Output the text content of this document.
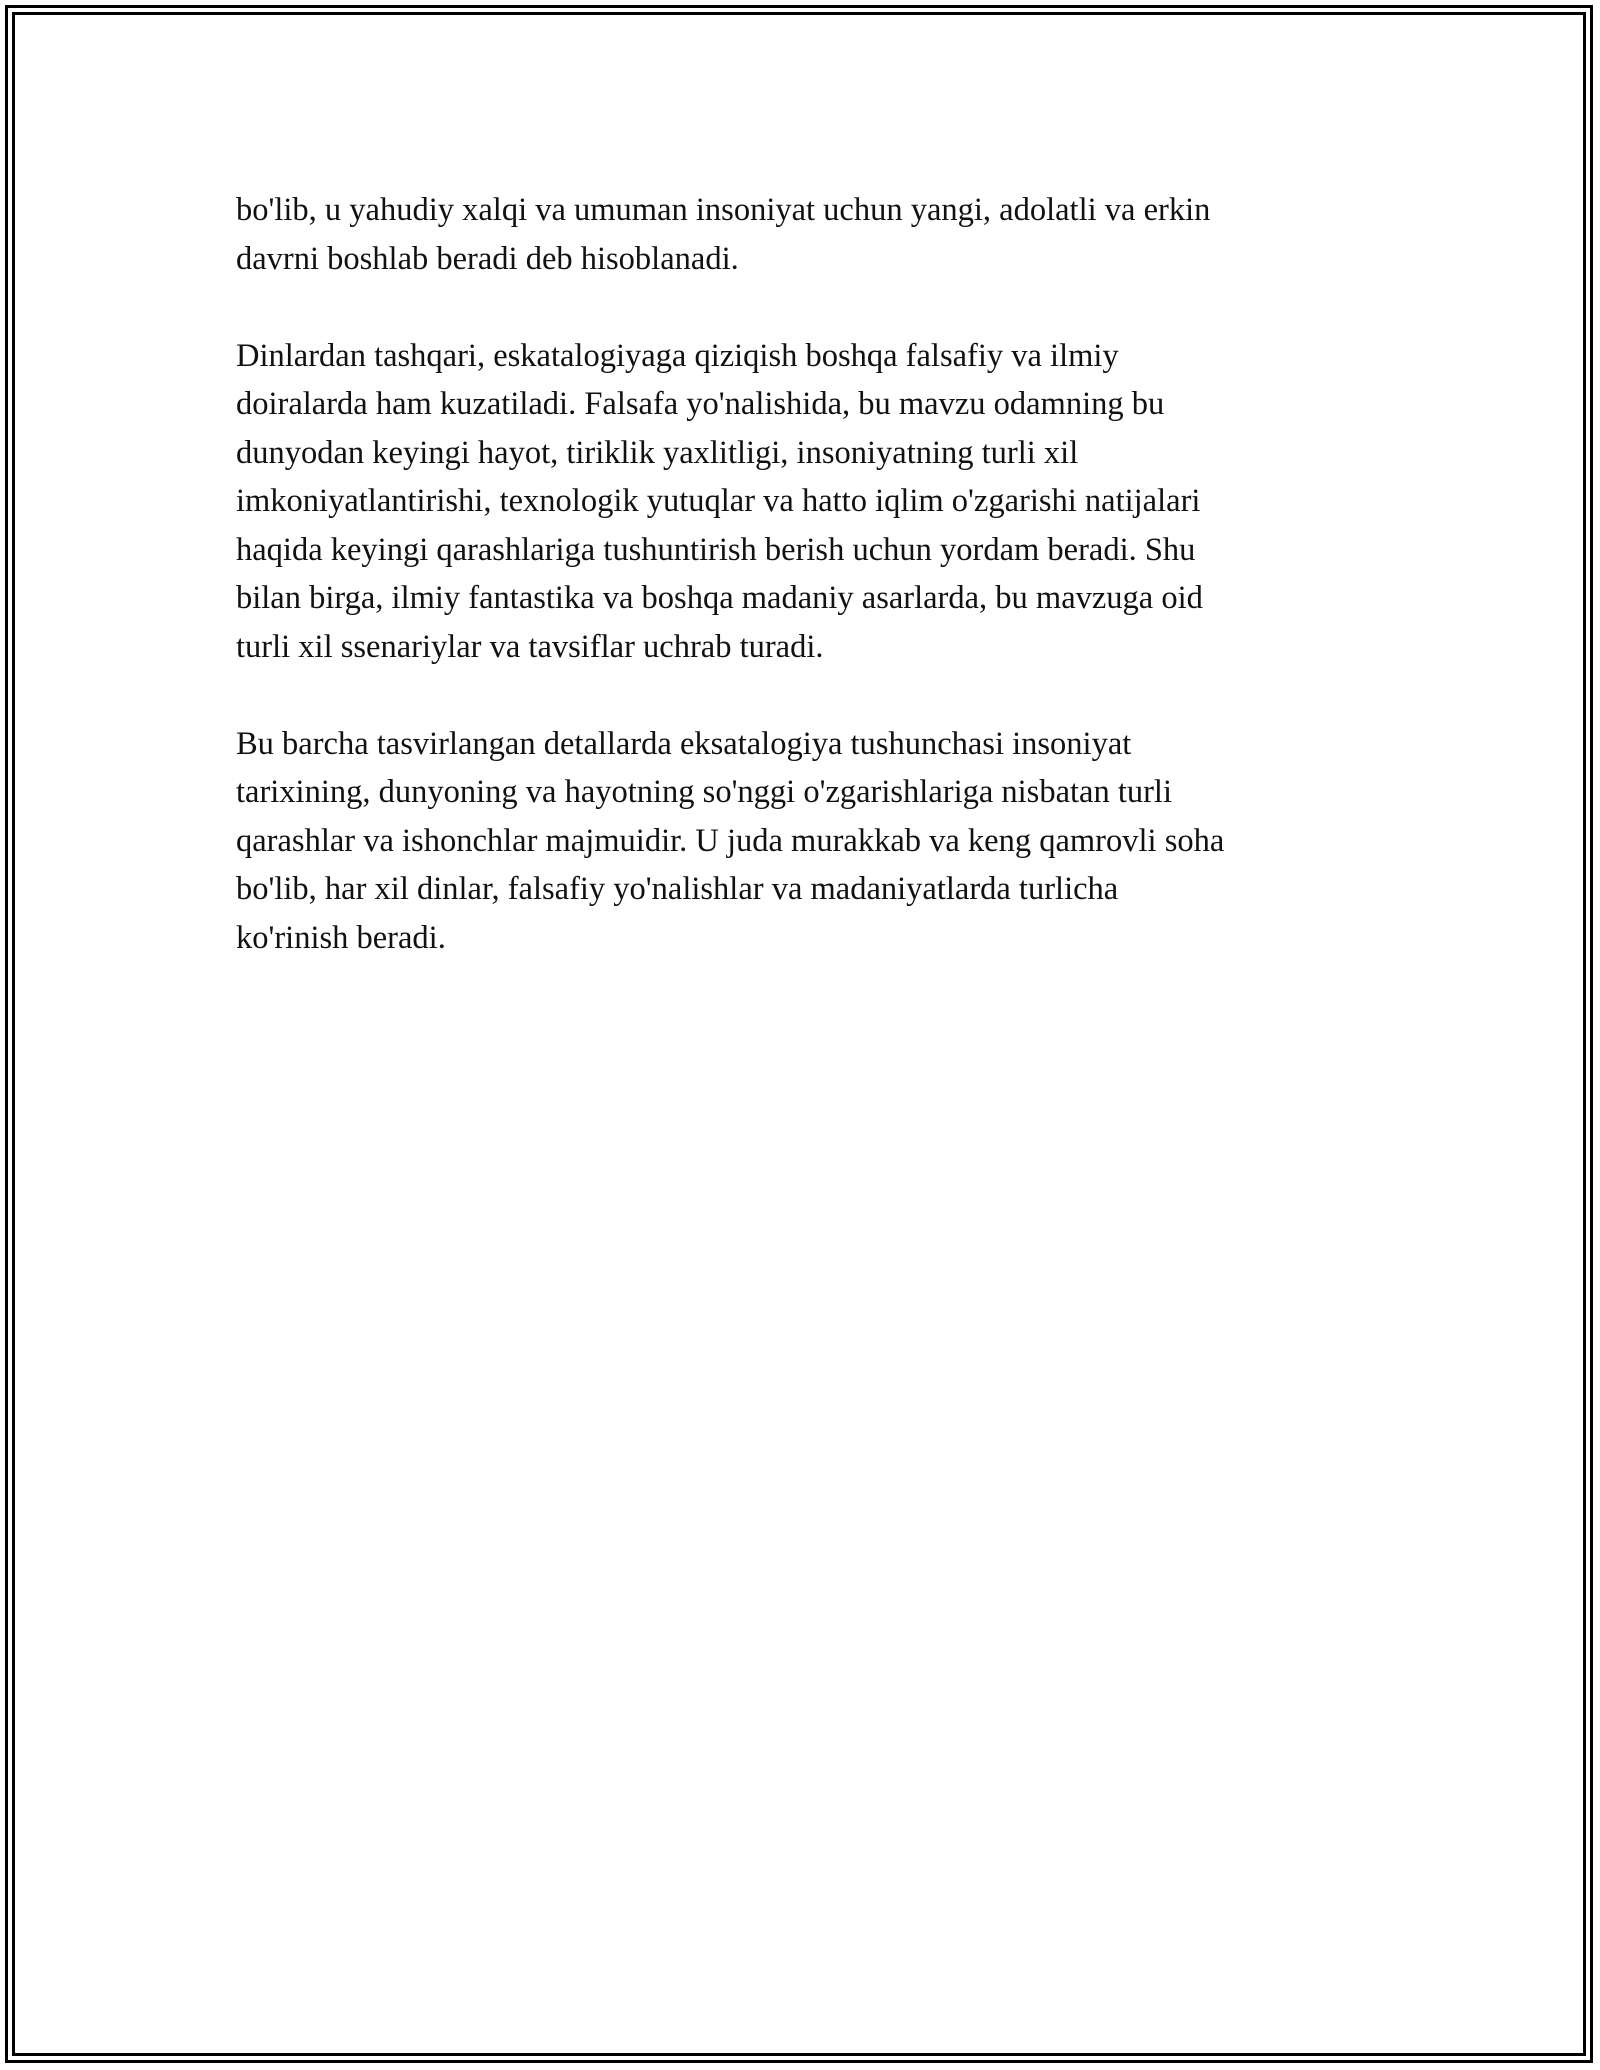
bo'lib, u yahudiy xalqi va umuman insoniyat uchun yangi, adolatli va erkin
davrni boshlab beradi deb hisoblanadi.

Dinlardan tashqari, eskatalogiyaga qiziqish boshqa falsafiy va ilmiy
doiralarda ham kuzatiladi. Falsafa yo'nalishida, bu mavzu odamning bu
dunyodan keyingi hayot, tiriklik yaxlitligi, insoniyatning turli xil
imkoniyatlantirishi, texnologik yutuqlar va hatto iqlim o'zgarishi natijalari
haqida keyingi qarashlariga tushuntirish berish uchun yordam beradi. Shu
bilan birga, ilmiy fantastika va boshqa madaniy asarlarda, bu mavzuga oid
turli xil ssenariylar va tavsiflar uchrab turadi.

Bu barcha tasvirlangan detallarda eksatalogiya tushunchasi insoniyat
tarixining, dunyoning va hayotning so'nggi o'zgarishlariga nisbatan turli
qarashlar va ishonchlar majmuidir. U juda murakkab va keng qamrovli soha
bo'lib, har xil dinlar, falsafiy yo'nalishlar va madaniyatlarda turlicha
ko'rinish beradi.
